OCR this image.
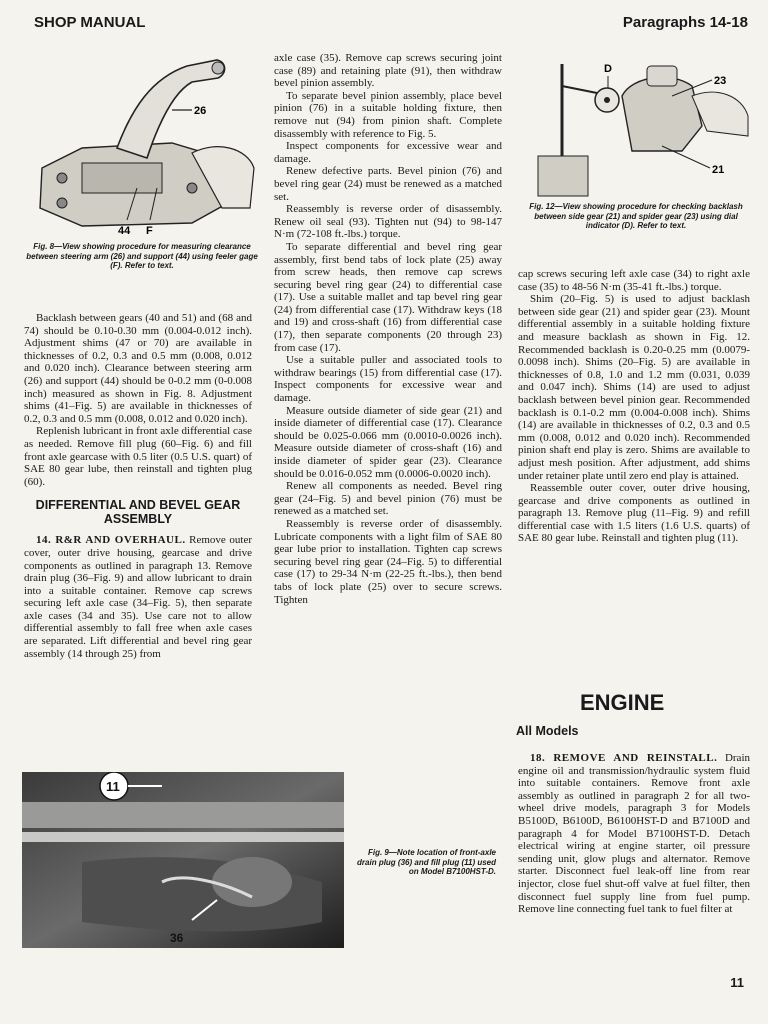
SHOP MANUAL	Paragraphs 14-18
26
44 F
Fig. 8—View showing procedure for measuring clearance between steering arm (26) and support (44) using feeler gage (F). Refer to text.

Backlash between gears (40 and 51) and (68 and 74) should be 0.10-0.30 mm (0.004-0.012 inch). Adjustment shims (47 or 70) are available in thicknesses of 0.2, 0.3 and 0.5 mm (0.008, 0.012 and 0.020 inch). Clearance between steering arm (26) and support (44) should be 0-0.2 mm (0-0.008 inch) measured as shown in Fig. 8. Adjustment shims (41–Fig. 5) are available in thicknesses of 0.2, 0.3 and 0.5 mm (0.008, 0.012 and 0.020 inch).

Replenish lubricant in front axle differential case as needed. Remove fill plug (60–Fig. 6) and fill front axle gearcase with 0.5 liter (0.5 U.S. quart) of SAE 80 gear lube, then reinstall and tighten plug (60).

DIFFERENTIAL AND BEVEL GEAR ASSEMBLY

14. R&R AND OVERHAUL. Remove outer cover, outer drive housing, gearcase and drive components as outlined in paragraph 13. Remove drain plug (36–Fig. 9) and allow lubricant to drain into a suitable container. Remove cap screws securing left axle case (34–Fig. 5), then separate axle cases (34 and 35). Use care not to allow differential assembly to fall free when axle cases are separated. Lift differential and bevel ring gear assembly (14 through 25) from

axle case (35). Remove cap screws securing joint case (89) and retaining plate (91), then withdraw bevel pinion assembly.

To separate bevel pinion assembly, place bevel pinion (76) in a suitable holding fixture, then remove nut (94) from pinion shaft. Complete disassembly with reference to Fig. 5.

Inspect components for excessive wear and damage.

Renew defective parts. Bevel pinion (76) and bevel ring gear (24) must be renewed as a matched set.

Reassembly is reverse order of disassembly. Renew oil seal (93). Tighten nut (94) to 98-147 N·m (72-108 ft.-lbs.) torque.

To separate differential and bevel ring gear assembly, first bend tabs of lock plate (25) away from screw heads, then remove cap screws securing bevel ring gear (24) to differential case (17). Use a suitable mallet and tap bevel ring gear (24) from differential case (17). Withdraw keys (18 and 19) and cross-shaft (16) from differential case (17), then separate components (20 through 23) from case (17).

Use a suitable puller and associated tools to withdraw bearings (15) from differential case (17). Inspect components for excessive wear and damage.

Measure outside diameter of side gear (21) and inside diameter of differential case (17). Clearance should be 0.025-0.066 mm (0.0010-0.0026 inch). Measure outside diameter of cross-shaft (16) and inside diameter of spider gear (23). Clearance should be 0.016-0.052 mm (0.0006-0.0020 inch).

Renew all components as needed. Bevel ring gear (24–Fig. 5) and bevel pinion (76) must be renewed as a matched set.

Reassembly is reverse order of disassembly. Lubricate components with a light film of SAE 80 gear lube prior to installation. Tighten cap screws securing bevel ring gear (24–Fig. 5) to differential case (17) to 29-34 N·m (22-25 ft.-lbs.), then bend tabs of lock plate (25) over to secure screws. Tighten

D
23
21
Fig. 12—View showing procedure for checking backlash between side gear (21) and spider gear (23) using dial indicator (D). Refer to text.

cap screws securing left axle case (34) to right axle case (35) to 48-56 N·m (35-41 ft.-lbs.) torque.

Shim (20–Fig. 5) is used to adjust backlash between side gear (21) and spider gear (23). Mount differential assembly in a suitable holding fixture and measure backlash as shown in Fig. 12. Recommended backlash is 0.20-0.25 mm (0.0079-0.0098 inch). Shims (20–Fig. 5) are available in thicknesses of 0.8, 1.0 and 1.2 mm (0.031, 0.039 and 0.047 inch). Shims (14) are used to adjust backlash between bevel pinion gear. Recommended backlash is 0.1-0.2 mm (0.004-0.008 inch). Shims (14) are available in thicknesses of 0.2, 0.3 and 0.5 mm (0.008, 0.012 and 0.020 inch). Recommended pinion shaft end play is zero. Shims are available to adjust mesh position. After adjustment, add shims under retainer plate until zero end play is attained.

Reassemble outer cover, outer drive housing, gearcase and drive components as outlined in paragraph 13. Remove plug (11–Fig. 9) and refill differential case with 1.5 liters (1.6 U.S. quarts) of SAE 80 gear lube. Reinstall and tighten plug (11).

ENGINE
All Models

18. REMOVE AND REINSTALL. Drain engine oil and transmission/hydraulic system fluid into suitable containers. Remove front axle assembly as outlined in paragraph 2 for all two-wheel drive models, paragraph 3 for Models B5100D, B6100D, B6100HST-D and B7100D and paragraph 4 for Model B7100HST-D. Detach electrical wiring at engine starter, oil pressure sending unit, glow plugs and alternator. Remove starter. Disconnect fuel leak-off line from rear injector, close fuel shut-off valve at fuel filter, then disconnect fuel supply line from fuel pump. Remove line connecting fuel tank to fuel filter at

11
36
Fig. 9—Note location of front-axle drain plug (36) and fill plug (11) used on Model B7100HST-D.
11
